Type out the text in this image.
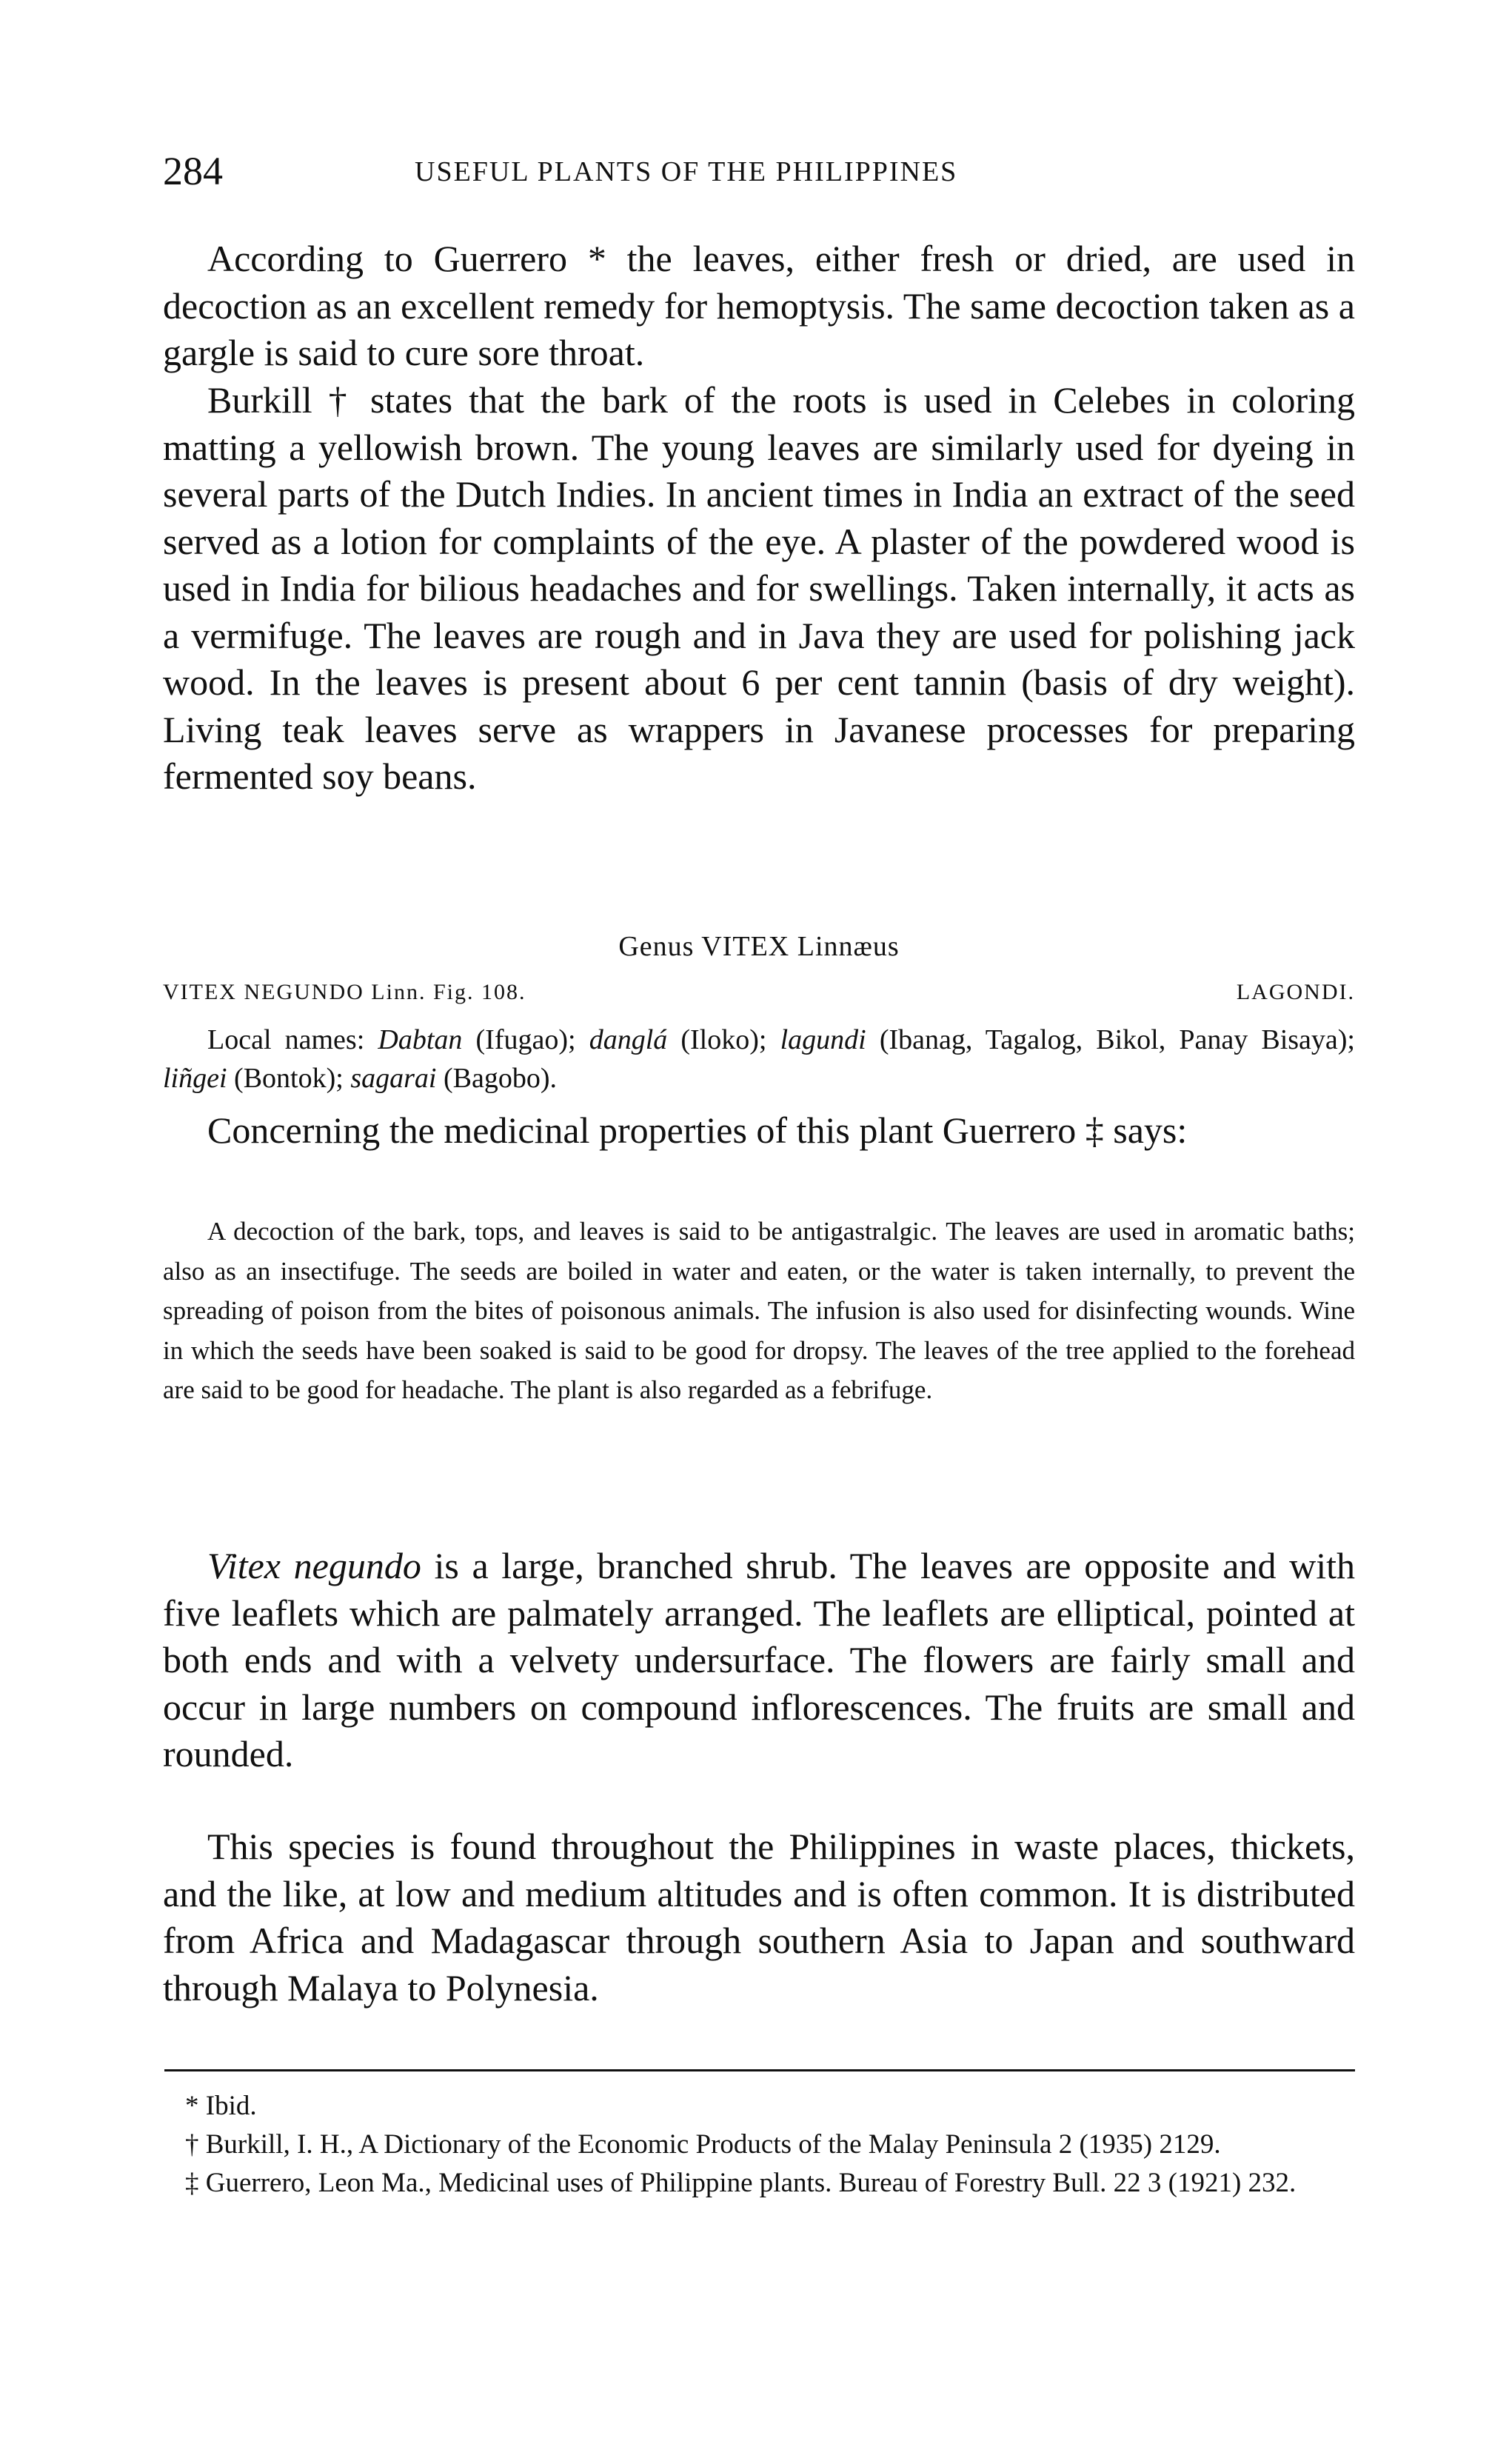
284	USEFUL PLANTS OF THE PHILIPPINES

According to Guerrero * the leaves, either fresh or dried, are used in decoction as an excellent remedy for hemoptysis. The same decoction taken as a gargle is said to cure sore throat.

Burkill † states that the bark of the roots is used in Celebes in coloring matting a yellowish brown. The young leaves are similarly used for dyeing in several parts of the Dutch Indies. In ancient times in India an extract of the seed served as a lotion for complaints of the eye. A plaster of the powdered wood is used in India for bilious headaches and for swellings. Taken internally, it acts as a vermifuge. The leaves are rough and in Java they are used for polishing jack wood. In the leaves is present about 6 per cent tannin (basis of dry weight). Living teak leaves serve as wrappers in Javanese processes for preparing fermented soy beans.

Genus VITEX Linnæus
VITEX NEGUNDO Linn. Fig. 108.	LAGONDI.

Local names: Dabtan (Ifugao); danglá (Iloko); lagundi (Ibanag, Tagalog, Bikol, Panay Bisaya); liñgei (Bontok); sagarai (Bagobo).

Concerning the medicinal properties of this plant Guerrero ‡ says:

A decoction of the bark, tops, and leaves is said to be antigastralgic. The leaves are used in aromatic baths; also as an insectifuge. The seeds are boiled in water and eaten, or the water is taken internally, to prevent the spreading of poison from the bites of poisonous animals. The infusion is also used for disinfecting wounds. Wine in which the seeds have been soaked is said to be good for dropsy. The leaves of the tree applied to the forehead are said to be good for headache. The plant is also regarded as a febrifuge.

Vitex negundo is a large, branched shrub. The leaves are opposite and with five leaflets which are palmately arranged. The leaflets are elliptical, pointed at both ends and with a velvety undersurface. The flowers are fairly small and occur in large numbers on compound inflorescences. The fruits are small and rounded.

This species is found throughout the Philippines in waste places, thickets, and the like, at low and medium altitudes and is often common. It is distributed from Africa and Madagascar through southern Asia to Japan and southward through Malaya to Polynesia.

* Ibid.

† Burkill, I. H., A Dictionary of the Economic Products of the Malay Peninsula 2 (1935) 2129.

‡ Guerrero, Leon Ma., Medicinal uses of Philippine plants. Bureau of Forestry Bull. 22 3 (1921) 232.
